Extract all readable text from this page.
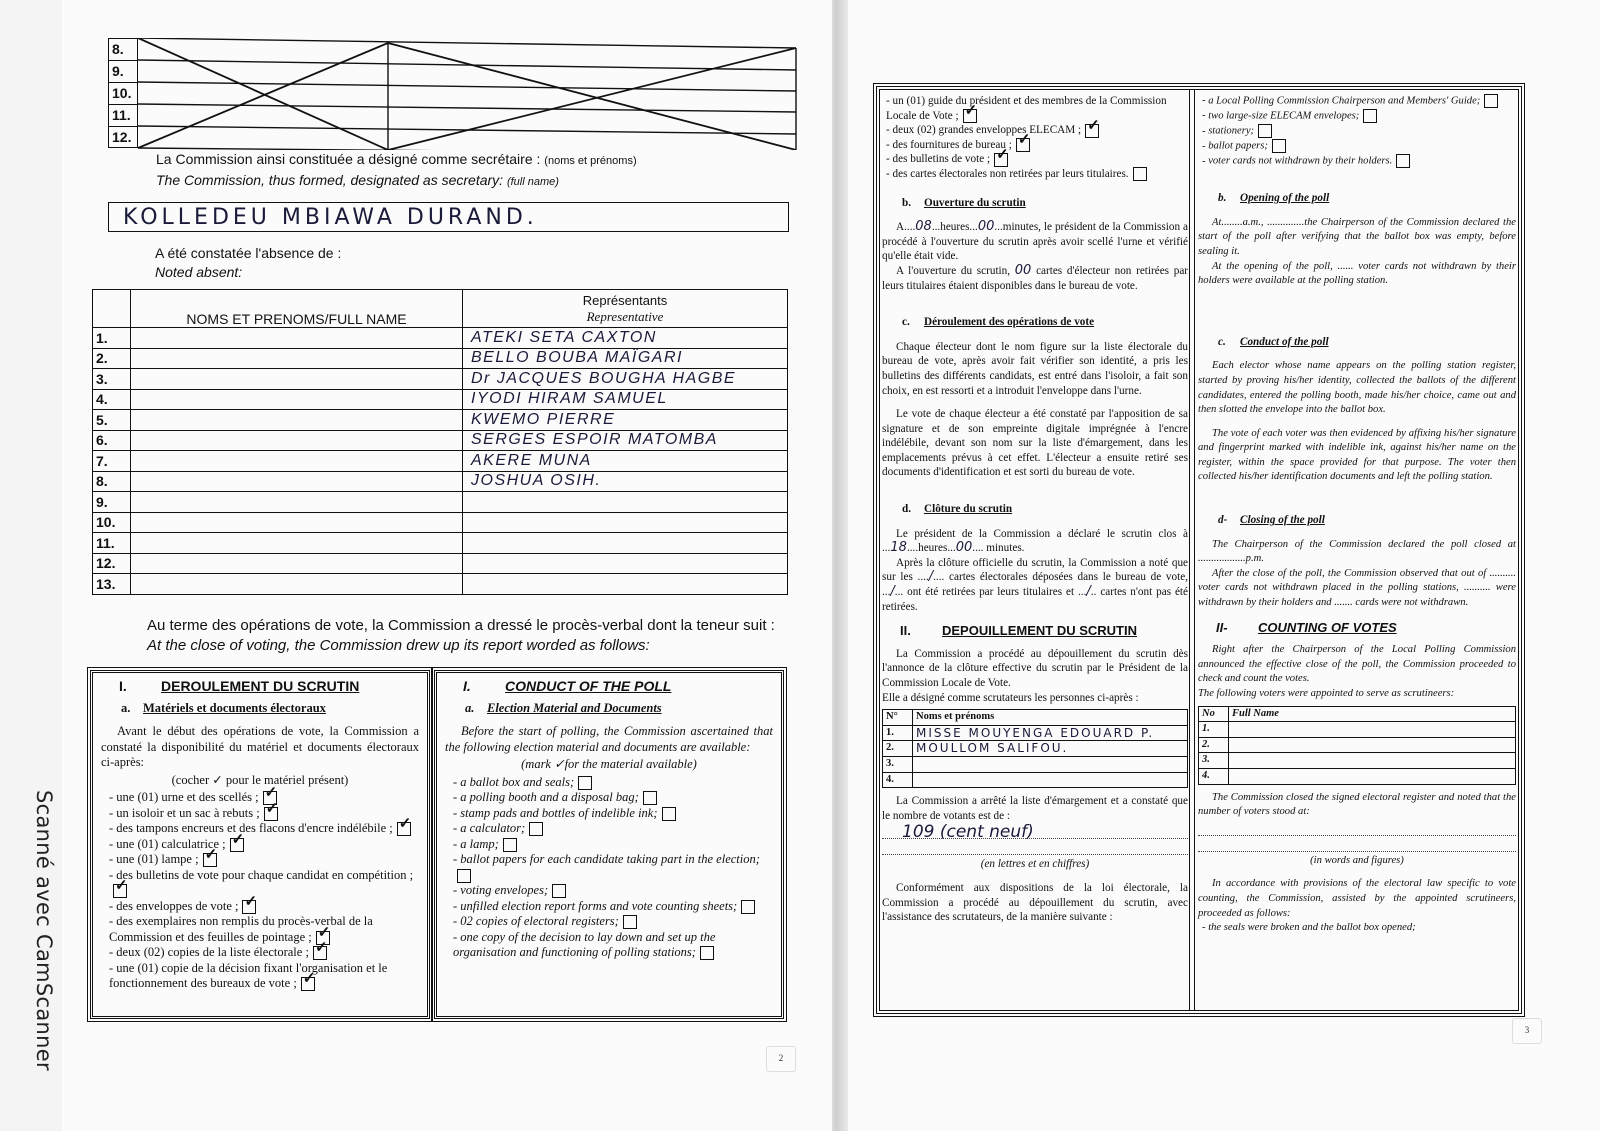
Scanné avec CamScanner
8.
9.
10.
11.
12.
La Commission ainsi constituée a désigné comme secrétaire : (noms et prénoms)
The Commission, thus formed, designated as secretary: (full name)
KOLLEDEU MBIAWA DURAND.
A été constatée l'absence de :
Noted absent:
	NOMS ET PRENOMS/FULL NAME	Représentants
Representative
1.		ATEKI SETA CAXTON
2.		BELLO BOUBA MAÏGARI
3.		Dr JACQUES BOUGHA HAGBE
4.		IYODI HIRAM SAMUEL
5.		KWEMO PIERRE
6.		SERGES ESPOIR MATOMBA
7.		AKERE MUNA
8.		JOSHUA OSIH.
9.		
10.		
11.		
12.		
13.		
Au terme des opérations de vote, la Commission a dressé le procès-verbal dont la teneur suit :
At the close of voting, the Commission drew up its report worded as follows:
I. DEROULEMENT DU SCRUTIN
a. Matériels et documents électoraux

Avant le début des opérations de vote, la Commission a constaté la disponibilité du matériel et documents électoraux ci-après:

(cocher ✓ pour le matériel présent)
- une (01) urne et des scellés ;✓
- un isoloir et un sac à rebuts ;✓
- des tampons encreurs et des flacons d'encre indélébile ;✓
- une (01) calculatrice ;✓
- une (01) lampe ;✓
- des bulletins de vote pour chaque candidat en compétition ;✓
- des enveloppes de vote ;✓
- des exemplaires non remplis du procès-verbal de la Commission et des feuilles de pointage ;✓
- deux (02) copies de la liste électorale ;✓
- une (01) copie de la décision fixant l'organisation et le fonctionnement des bureaux de vote ;✓
I. CONDUCT OF THE POLL
a. Election Material and Documents

Before the start of polling, the Commission ascertained that the following election material and documents are available:

(mark ✓for the material available)
- a ballot box and seals;
- a polling booth and a disposal bag;
- stamp pads and bottles of indelible ink;
- a calculator;
- a lamp;
- ballot papers for each candidate taking part in the election;
- voting envelopes;
- unfilled election report forms and vote counting sheets;
- 02 copies of electoral registers;
- one copy of the decision to lay down and set up the organisation and functioning of polling stations;
2
- un (01) guide du président et des membres de la Commission Locale de Vote ;✓
- deux (02) grandes enveloppes ELECAM ;✓
- des fournitures de bureau ;✓
- des bulletins de vote ;✓
- des cartes électorales non retirées par leurs titulaires.
b. Ouverture du scrutin

A....08...heures...00...minutes, le président de la Commission a procédé à l'ouverture du scrutin après avoir scellé l'urne et vérifié qu'elle était vide.

A l'ouverture du scrutin, 00 cartes d'électeur non retirées par leurs titulaires étaient disponibles dans le bureau de vote.

c. Déroulement des opérations de vote

Chaque électeur dont le nom figure sur la liste électorale du bureau de vote, après avoir fait vérifier son identité, a pris les bulletins des différents candidats, est entré dans l'isoloir, a fait son choix, en est ressorti et a introduit l'enveloppe dans l'urne.

Le vote de chaque électeur a été constaté par l'apposition de sa signature et de son empreinte digitale imprégnée à l'encre indélébile, devant son nom sur la liste d'émargement, dans les emplacements prévus à cet effet. L'électeur a ensuite retiré ses documents d'identification et est sorti du bureau de vote.

d. Clôture du scrutin

Le président de la Commission a déclaré le scrutin clos à ...18....heures...00.... minutes.

Après la clôture officielle du scrutin, la Commission a noté que sur les ..../.... cartes électorales déposées dans le bureau de vote, .../... ont été retirées par leurs titulaires et .../.. cartes n'ont pas été retirées.

II. DEPOUILLEMENT DU SCRUTIN

La Commission a procédé au dépouillement du scrutin dès l'annonce de la clôture effective du scrutin par le Président de la Commission Locale de Vote.

Elle a désigné comme scrutateurs les personnes ci-après :
N°	Noms et prénoms
1.	MISSE MOUYENGA EDOUARD P.
2.	MOULLOM SALIFOU.
3.	
4.	

La Commission a arrêté la liste d'émargement et a constaté que le nombre de votants est de :

109 (cent neuf)
(en lettres et en chiffres)

Conformément aux dispositions de la loi électorale, la Commission a procédé au dépouillement du scrutin, avec l'assistance des scrutateurs, de la manière suivante :

- a Local Polling Commission Chairperson and Members' Guide;
- two large-size ELECAM envelopes;
- stationery;
- ballot papers;
- voter cards not withdrawn by their holders.
b. Opening of the poll

At........a.m., ..............the Chairperson of the Commission declared the start of the poll after verifying that the ballot box was empty, before sealing it.

At the opening of the poll, ...... voter cards not withdrawn by their holders were available at the polling station.

c. Conduct of the poll

Each elector whose name appears on the polling station register, started by proving his/her identity, collected the ballots of the different candidates, entered the polling booth, made his/her choice, came out and then slotted the envelope into the ballot box.

The vote of each voter was then evidenced by affixing his/her signature and fingerprint marked with indelible ink, against his/her name on the register, within the space provided for that purpose. The voter then collected his/her identification documents and left the polling station.

d- Closing of the poll

The Chairperson of the Commission declared the poll closed at ..................p.m.

After the close of the poll, the Commission observed that out of .......... voter cards not withdrawn placed in the polling stations, .......... were withdrawn by their holders and ....... cards were not withdrawn.

II- COUNTING OF VOTES

Right after the Chairperson of the Local Polling Commission announced the effective close of the poll, the Commission proceeded to check and count the votes.

The following voters were appointed to serve as scrutineers:
No	Full Name
1.	
2.	
3.	
4.	

The Commission closed the signed electoral register and noted that the number of voters stood at:

(in words and figures)

In accordance with provisions of the electoral law specific to vote counting, the Commission, assisted by the appointed scrutineers, proceeded as follows:

- the seals were broken and the ballot box opened;
3
